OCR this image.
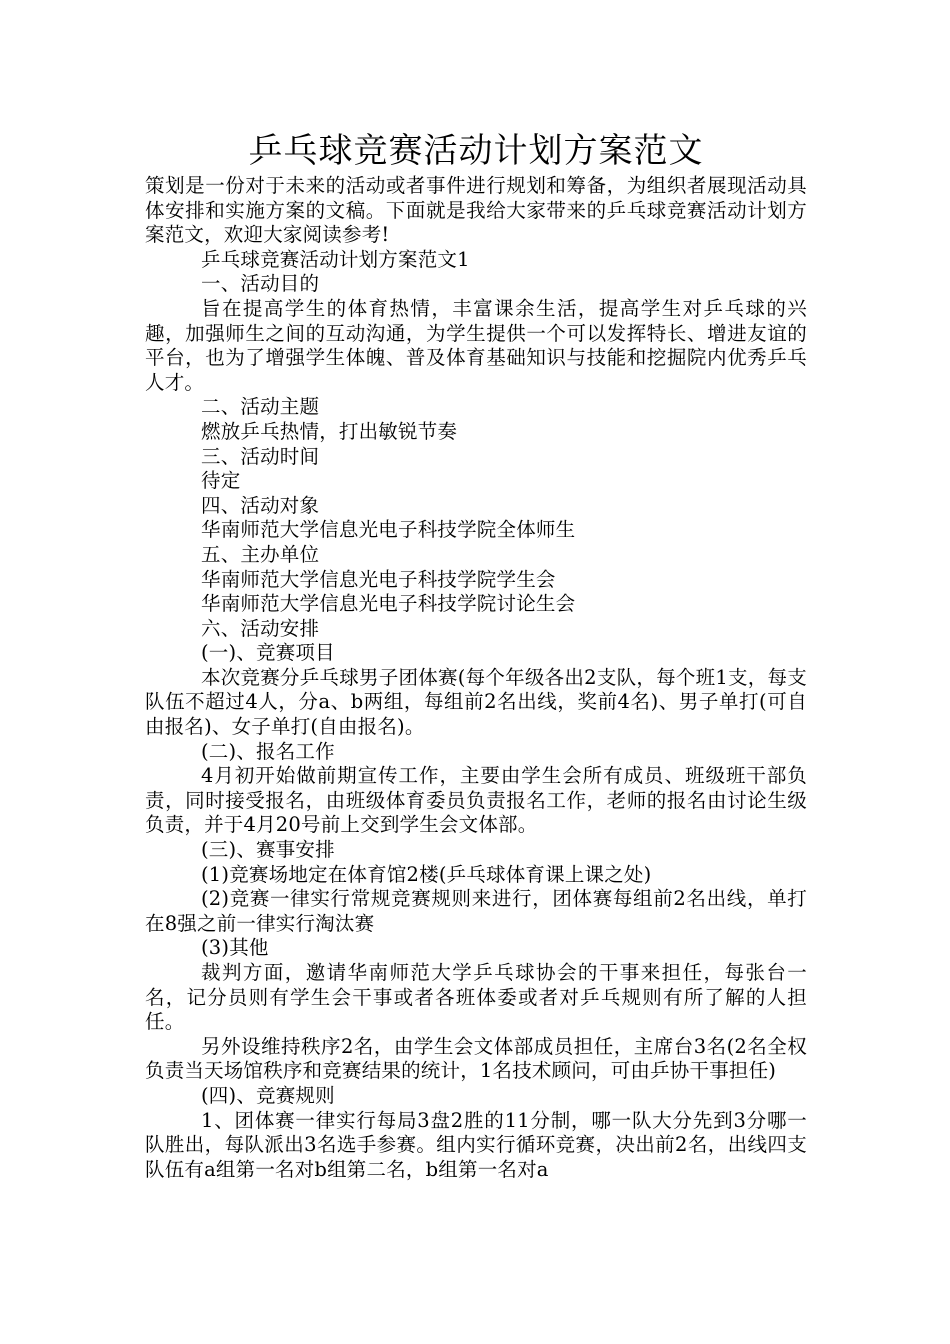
乒乓球竞赛活动计划方案范文

策划是一份对于未来的活动或者事件进行规划和筹备，为组织者展现活动具体安排和实施方案的文稿。下面就是我给大家带来的乒乓球竞赛活动计划方案范文，欢迎大家阅读参考!

乒乓球竞赛活动计划方案范文1

一、活动目的

旨在提高学生的体育热情，丰富课余生活，提高学生对乒乓球的兴趣，加强师生之间的互动沟通，为学生提供一个可以发挥特长、增进友谊的平台，也为了增强学生体魄、普及体育基础知识与技能和挖掘院内优秀乒乓人才。

二、活动主题

燃放乒乓热情，打出敏锐节奏

三、活动时间

待定

四、活动对象

华南师范大学信息光电子科技学院全体师生

五、主办单位

华南师范大学信息光电子科技学院学生会

华南师范大学信息光电子科技学院讨论生会

六、活动安排

(一)、竞赛项目

本次竞赛分乒乓球男子团体赛(每个年级各出2支队，每个班1支，每支队伍不超过4人，分a、b两组，每组前2名出线，奖前4名)、男子单打(可自由报名)、女子单打(自由报名)。

(二)、报名工作

4月初开始做前期宣传工作，主要由学生会所有成员、班级班干部负责，同时接受报名，由班级体育委员负责报名工作，老师的报名由讨论生级负责，并于4月20号前上交到学生会文体部。

(三)、赛事安排

(1)竞赛场地定在体育馆2楼(乒乓球体育课上课之处)

(2)竞赛一律实行常规竞赛规则来进行，团体赛每组前2名出线，单打在8强之前一律实行淘汰赛

(3)其他

裁判方面，邀请华南师范大学乒乓球协会的干事来担任，每张台一名，记分员则有学生会干事或者各班体委或者对乒乓规则有所了解的人担任。

另外设维持秩序2名，由学生会文体部成员担任，主席台3名(2名全权负责当天场馆秩序和竞赛结果的统计，1名技术顾问，可由乒协干事担任)

(四)、竞赛规则

1、团体赛一律实行每局3盘2胜的11分制，哪一队大分先到3分哪一队胜出，每队派出3名选手参赛。组内实行循环竞赛，决出前2名，出线四支队伍有a组第一名对b组第二名，b组第一名对a
